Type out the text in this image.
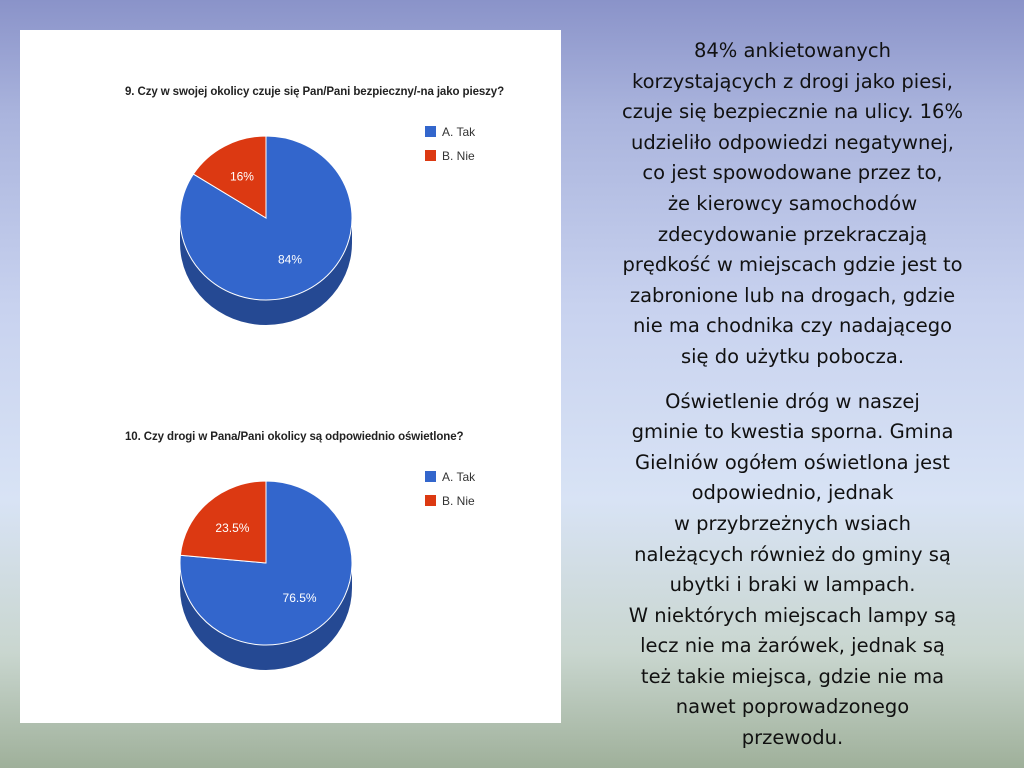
9. Czy w swojej okolicy czuje się Pan/Pani bezpieczny/-na jako pieszy?
84%
16%
A. Tak
B. Nie
10. Czy drogi w Pana/Pani okolicy są odpowiednio oświetlone?
76.5%
23.5%
A. Tak
B. Nie

84% ankietowanych
korzystających z drogi jako piesi,
czuje się bezpiecznie na ulicy. 16%
udzieliło odpowiedzi negatywnej,
co jest spowodowane przez to,
że kierowcy samochodów
zdecydowanie przekraczają
prędkość w miejscach gdzie jest to
zabronione lub na drogach, gdzie
nie ma chodnika czy nadającego
się do użytku pobocza.

Oświetlenie dróg w naszej
gminie to kwestia sporna. Gmina
Gielniów ogółem oświetlona jest
odpowiednio, jednak
w przybrzeżnych wsiach
należących również do gminy są
ubytki i braki w lampach.
W niektórych miejscach lampy są
lecz nie ma żarówek, jednak są
też takie miejsca, gdzie nie ma
nawet poprowadzonego
przewodu.
